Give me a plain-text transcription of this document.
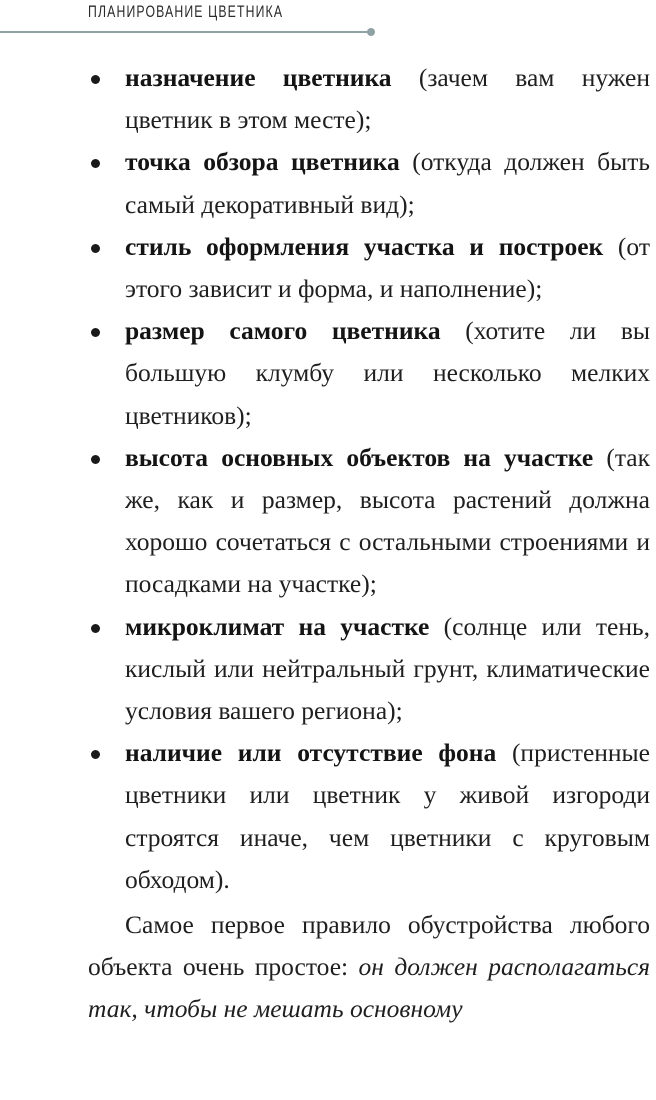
ПЛАНИРОВАНИЕ ЦВЕТНИКА
назначение цветника (зачем вам нужен цветник в этом месте);
точка обзора цветника (откуда должен быть самый декоративный вид);
стиль оформления участка и построек (от этого зависит и форма, и наполнение);
размер самого цветника (хотите ли вы большую клумбу или несколько мелких цветников);
высота основных объектов на участке (так же, как и размер, высота растений должна хорошо сочетаться с остальными строениями и посадками на участке);
микроклимат на участке (солнце или тень, кислый или нейтральный грунт, климатические условия вашего региона);
наличие или отсутствие фона (пристенные цветники или цветник у живой изгороди строятся иначе, чем цветники с круговым обходом).

Самое первое правило обустройства любого объекта очень простое: он должен располагаться так, чтобы не мешать основному
